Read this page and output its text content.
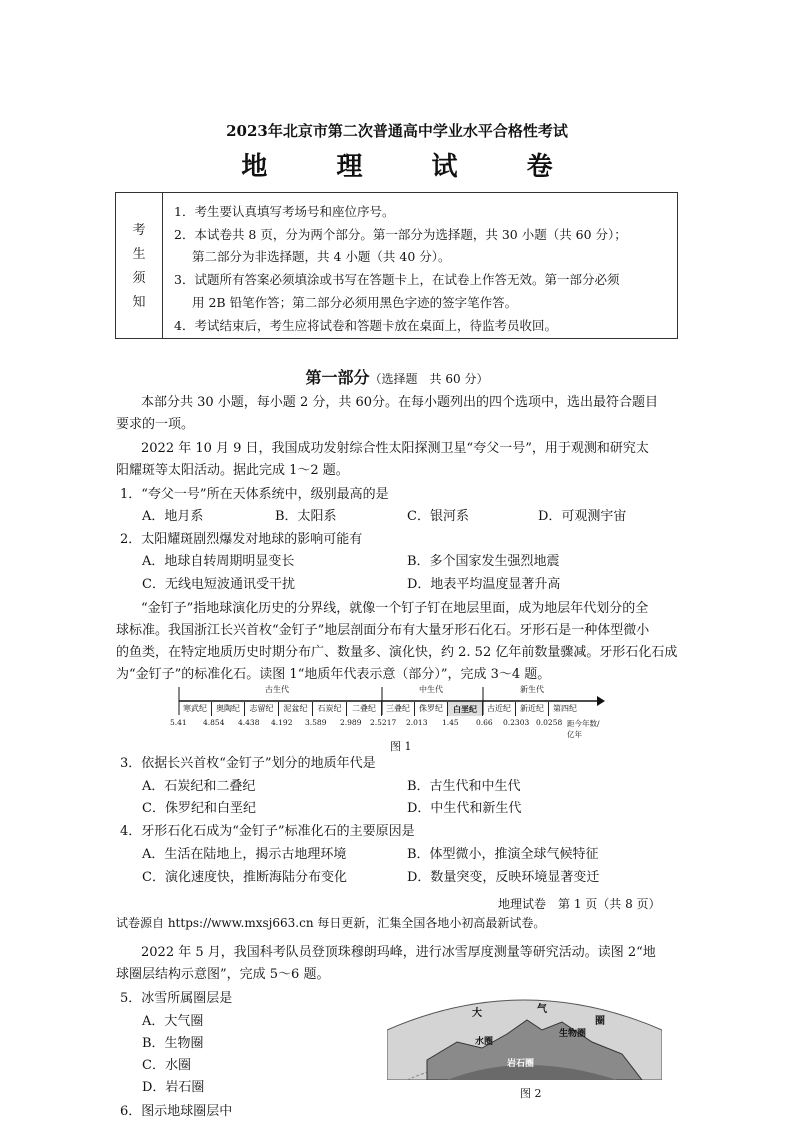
2023年北京市第二次普通高中学业水平合格性考试
地 理 试 卷
考
生
须
知
1．考生要认真填写考场号和座位序号。
2．本试卷共 8 页，分为两个部分。第一部分为选择题，共 30 小题（共 60 分）；
第二部分为非选择题，共 4 小题（共 40 分）。
3．试题所有答案必须填涂或书写在答题卡上，在试卷上作答无效。第一部分必须
用 2B 铅笔作答；第二部分必须用黑色字迹的签字笔作答。
4．考试结束后，考生应将试卷和答题卡放在桌面上，待监考员收回。
第一部分（选择题　共 60 分）
本部分共 30 小题，每小题 2 分，共 60分。在每小题列出的四个选项中，选出最符合题目
要求的一项。
2022 年 10 月 9 日，我国成功发射综合性太阳探测卫星“夸父一号”，用于观测和研究太
阳耀斑等太阳活动。据此完成 1～2 题。
1．“夸父一号”所在天体系统中，级别最高的是
A．地月系	B．太阳系	C．银河系	D．可观测宇宙
2．太阳耀斑剧烈爆发对地球的影响可能有
A．地球自转周期明显变长	B．多个国家发生强烈地震
C．无线电短波通讯受干扰	D．地表平均温度显著升高
“金钉子”指地球演化历史的分界线，就像一个钉子钉在地层里面，成为地层年代划分的全
球标准。我国浙江长兴首枚“金钉子”地层剖面分布有大量牙形石化石。牙形石是一种体型微小
的鱼类，在特定地质历史时期分布广、数量多、演化快，约 2. 52 亿年前数量骤减。牙形石化石成
为“金钉子”的标准化石。读图 1“地质年代表示意（部分）”，完成 3～4 题。
古生代	中生代	新生代
寒武纪	奥陶纪	志留纪	泥盆纪	石炭纪	二叠纪	三叠纪	侏罗纪	白垩纪	古近纪	新近纪	第四纪
5.41 4.854 4.438 4.192 3.589 2.989 2.5217 2.013 1.45 0.66 0.2303 0.0258 距今年数/亿年
图 1
3．依据长兴首枚“金钉子”划分的地质年代是
A．石炭纪和二叠纪	B．古生代和中生代
C．侏罗纪和白垩纪	D．中生代和新生代
4．牙形石化石成为“金钉子”标准化石的主要原因是
A．生活在陆地上，揭示古地理环境	B．体型微小，推演全球气候特征
C．演化速度快，推断海陆分布变化	D．数量突变，反映环境显著变迁
地理试卷　第 1 页（共 8 页）
试卷源自 https://www.mxsj663.cn 每日更新，汇集全国各地小初高最新试卷。
2022 年 5 月，我国科考队员登顶珠穆朗玛峰，进行冰雪厚度测量等研究活动。读图 2“地
球圈层结构示意图”，完成 5～6 题。
5．冰雪所属圈层是
A．大气圈
B．生物圈
C．水圈
D．岩石圈
大	气
圈
水圈
生物圈
岩石圈
图 2
6．图示地球圈层中
